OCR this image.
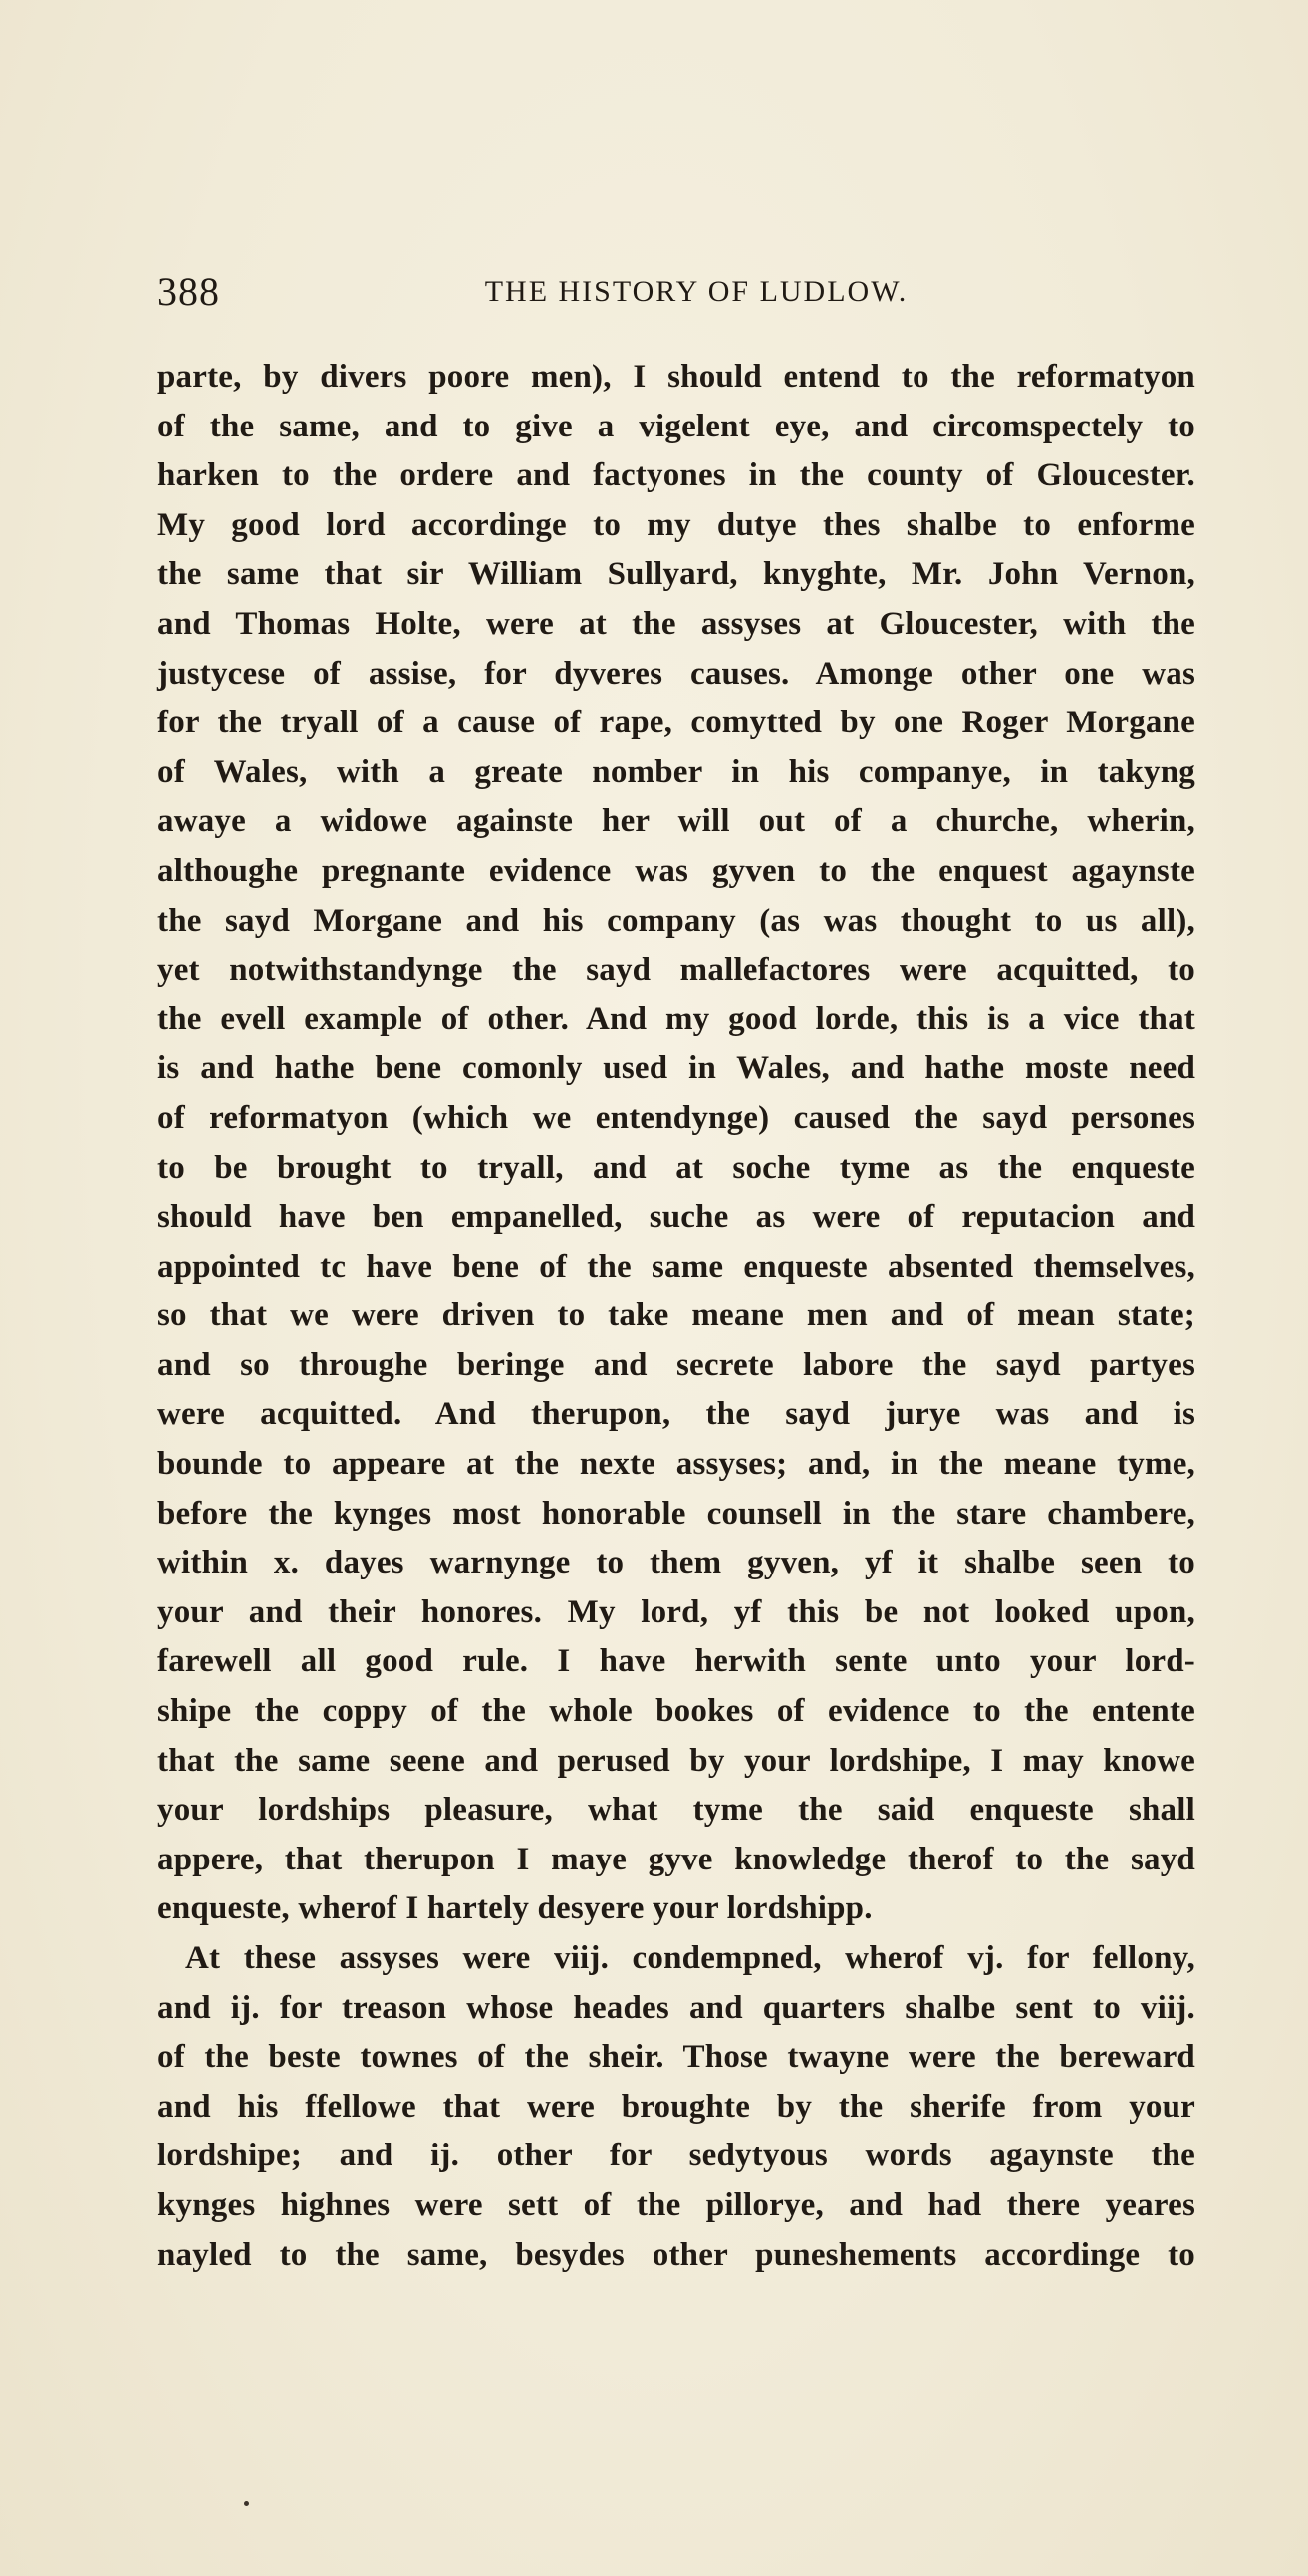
388	THE HISTORY OF LUDLOW.
parte, by divers poore men), I should entend to the reformatyon
of the same, and to give a vigelent eye, and circomspectely to
harken to the ordere and factyones in the county of Gloucester.
My good lord accordinge to my dutye thes shalbe to enforme
the same that sir William Sullyard, knyghte, Mr. John Vernon,
and Thomas Holte, were at the assyses at Gloucester, with the
justycese of assise, for dyveres causes. Amonge other one was
for the tryall of a cause of rape, comytted by one Roger Morgane
of Wales, with a greate nomber in his companye, in takyng
awaye a widowe againste her will out of a churche, wherin,
althoughe pregnante evidence was gyven to the enquest agaynste
the sayd Morgane and his company (as was thought to us all),
yet notwithstandynge the sayd mallefactores were acquitted, to
the evell example of other. And my good lorde, this is a vice that
is and hathe bene comonly used in Wales, and hathe moste need
of reformatyon (which we entendynge) caused the sayd persones
to be brought to tryall, and at soche tyme as the enqueste
should have ben empanelled, suche as were of reputacion and
appointed tc have bene of the same enqueste absented themselves,
so that we were driven to take meane men and of mean state;
and so throughe beringe and secrete labore the sayd partyes
were acquitted. And therupon, the sayd jurye was and is
bounde to appeare at the nexte assyses; and, in the meane tyme,
before the kynges most honorable counsell in the stare chambere,
within x. dayes warnynge to them gyven, yf it shalbe seen to
your and their honores. My lord, yf this be not looked upon,
farewell all good rule. I have herwith sente unto your lord-
shipe the coppy of the whole bookes of evidence to the entente
that the same seene and perused by your lordshipe, I may knowe
your lordships pleasure, what tyme the said enqueste shall
appere, that therupon I maye gyve knowledge therof to the sayd
enqueste, wherof I hartely desyere your lordshipp.
At these assyses were viij. condempned, wherof vj. for fellony,
and ij. for treason whose heades and quarters shalbe sent to viij.
of the beste townes of the sheir. Those twayne were the bereward
and his ffellowe that were broughte by the sherife from your
lordshipe; and ij. other for sedytyous words agaynste the
kynges highnes were sett of the pillorye, and had there yeares
nayled to the same, besydes other puneshements accordinge to
